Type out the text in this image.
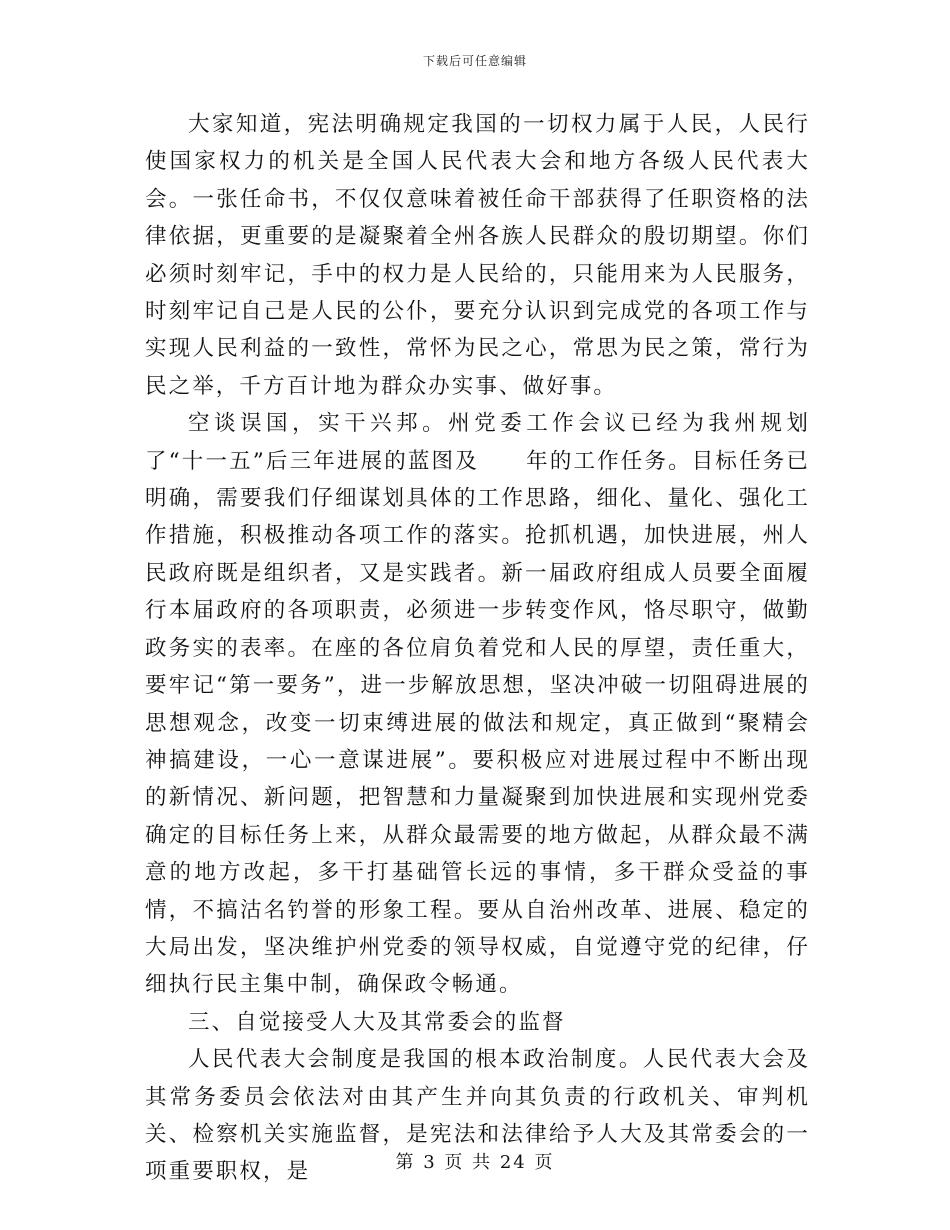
下载后可任意编辑

大家知道，宪法明确规定我国的一切权力属于人民，人民行使国家权力的机关是全国人民代表大会和地方各级人民代表大会。一张任命书，不仅仅意味着被任命干部获得了任职资格的法律依据，更重要的是凝聚着全州各族人民群众的殷切期望。你们必须时刻牢记，手中的权力是人民给的，只能用来为人民服务，时刻牢记自己是人民的公仆，要充分认识到完成党的各项工作与实现人民利益的一致性，常怀为民之心，常思为民之策，常行为民之举，千方百计地为群众办实事、做好事。

空谈误国，实干兴邦。州党委工作会议已经为我州规划了“十一五”后三年进展的蓝图及　　年的工作任务。目标任务已明确，需要我们仔细谋划具体的工作思路，细化、量化、强化工作措施，积极推动各项工作的落实。抢抓机遇，加快进展，州人民政府既是组织者，又是实践者。新一届政府组成人员要全面履行本届政府的各项职责，必须进一步转变作风，恪尽职守，做勤政务实的表率。在座的各位肩负着党和人民的厚望，责任重大，要牢记“第一要务”，进一步解放思想，坚决冲破一切阻碍进展的思想观念，改变一切束缚进展的做法和规定，真正做到“聚精会神搞建设，一心一意谋进展”。要积极应对进展过程中不断出现的新情况、新问题，把智慧和力量凝聚到加快进展和实现州党委确定的目标任务上来，从群众最需要的地方做起，从群众最不满意的地方改起，多干打基础管长远的事情，多干群众受益的事情，不搞沽名钓誉的形象工程。要从自治州改革、进展、稳定的大局出发，坚决维护州党委的领导权威，自觉遵守党的纪律，仔细执行民主集中制，确保政令畅通。

三、自觉接受人大及其常委会的监督

人民代表大会制度是我国的根本政治制度。人民代表大会及其常务委员会依法对由其产生并向其负责的行政机关、审判机关、检察机关实施监督，是宪法和法律给予人大及其常委会的一项重要职权，是	第 3 页 共 24 页
